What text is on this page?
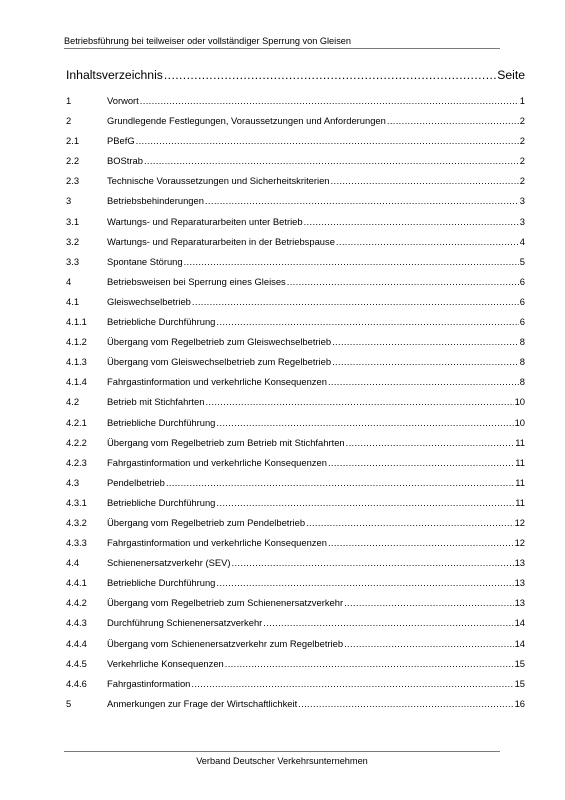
Betriebsführung bei teilweiser oder vollständiger Sperrung von Gleisen
Inhaltsverzeichnis .....	Seite
1	Vorwort .....	1
2	Grundlegende Festlegungen, Voraussetzungen und Anforderungen .....	2
2.1	PBefG .....	2
2.2	BOStrab .....	2
2.3	Technische Voraussetzungen und Sicherheitskriterien .....	2
3	Betriebsbehinderungen .....	3
3.1	Wartungs- und Reparaturarbeiten unter Betrieb .....	3
3.2	Wartungs- und Reparaturarbeiten in der Betriebspause .....	4
3.3	Spontane Störung .....	5
4	Betriebsweisen bei Sperrung eines Gleises .....	6
4.1	Gleiswechselbetrieb .....	6
4.1.1	Betriebliche Durchführung .....	6
4.1.2	Übergang vom Regelbetrieb zum Gleiswechselbetrieb .....	8
4.1.3	Übergang vom Gleiswechselbetrieb zum Regelbetrieb .....	8
4.1.4	Fahrgastinformation und verkehrliche Konsequenzen .....	8
4.2	Betrieb mit Stichfahrten .....	10
4.2.1	Betriebliche Durchführung .....	10
4.2.2	Übergang vom Regelbetrieb zum Betrieb mit Stichfahrten .....	11
4.2.3	Fahrgastinformation und verkehrliche Konsequenzen .....	11
4.3	Pendelbetrieb .....	11
4.3.1	Betriebliche Durchführung .....	11
4.3.2	Übergang vom Regelbetrieb zum Pendelbetrieb .....	12
4.3.3	Fahrgastinformation und verkehrliche Konsequenzen .....	12
4.4	Schienenersatzverkehr (SEV) .....	13
4.4.1	Betriebliche Durchführung .....	13
4.4.2	Übergang vom Regelbetrieb zum Schienenersatzverkehr .....	13
4.4.3	Durchführung Schienenersatzverkehr .....	14
4.4.4	Übergang vom Schienenersatzverkehr zum Regelbetrieb .....	14
4.4.5	Verkehrliche Konsequenzen .....	15
4.4.6	Fahrgastinformation .....	15
5	Anmerkungen zur Frage der Wirtschaftlichkeit .....	16
Verband Deutscher Verkehrsunternehmen
